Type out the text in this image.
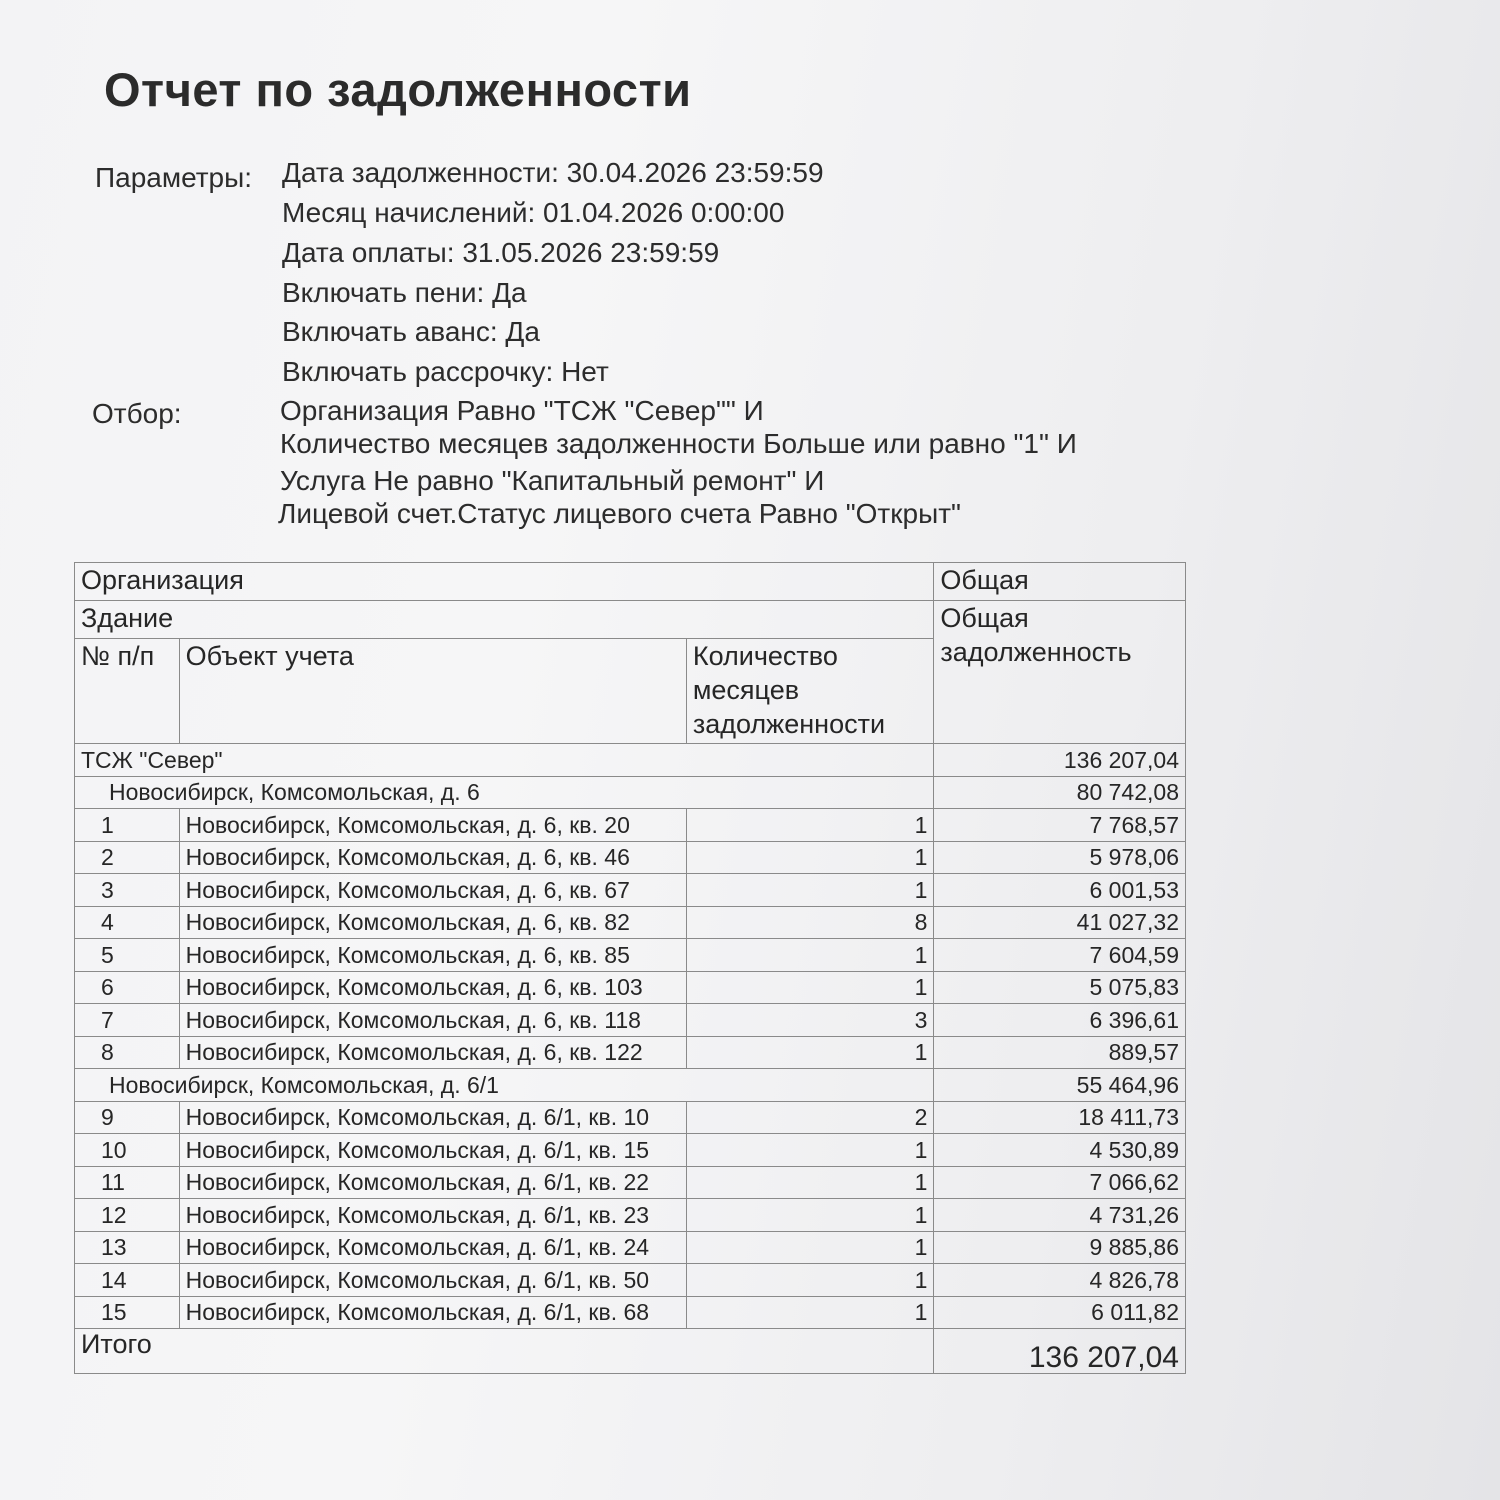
Отчет по задолженности
Параметры: Дата задолженности: 30.04.2026 23:59:59
Месяц начислений: 01.04.2026 0:00:00
Дата оплаты: 31.05.2026 23:59:59
Включать пени: Да
Включать аванс: Да
Включать рассрочку: Нет
Отбор:	Организация Равно "ТСЖ "Север"" И
Количество месяцев задолженности Больше или равно "1" И
Услуга Не равно "Капитальный ремонт" И
Лицевой счет.Статус лицевого счета Равно "Открыт"
Организация			Общая
Здание			Общая задолженность
№ п/п	Объект учета	Количество месяцев задолженности	
ТСЖ "Север"			136 207,04
Новосибирск, Комсомольская, д. 6			80 742,08
1	Новосибирск, Комсомольская, д. 6, кв. 20	1	7 768,57
2	Новосибирск, Комсомольская, д. 6, кв. 46	1	5 978,06
3	Новосибирск, Комсомольская, д. 6, кв. 67	1	6 001,53
4	Новосибирск, Комсомольская, д. 6, кв. 82	8	41 027,32
5	Новосибирск, Комсомольская, д. 6, кв. 85	1	7 604,59
6	Новосибирск, Комсомольская, д. 6, кв. 103	1	5 075,83
7	Новосибирск, Комсомольская, д. 6, кв. 118	3	6 396,61
8	Новосибирск, Комсомольская, д. 6, кв. 122	1	889,57
Новосибирск, Комсомольская, д. 6/1			55 464,96
9	Новосибирск, Комсомольская, д. 6/1, кв. 10	2	18 411,73
10	Новосибирск, Комсомольская, д. 6/1, кв. 15	1	4 530,89
11	Новосибирск, Комсомольская, д. 6/1, кв. 22	1	7 066,62
12	Новосибирск, Комсомольская, д. 6/1, кв. 23	1	4 731,26
13	Новосибирск, Комсомольская, д. 6/1, кв. 24	1	9 885,86
14	Новосибирск, Комсомольская, д. 6/1, кв. 50	1	4 826,78
15	Новосибирск, Комсомольская, д. 6/1, кв. 68	1	6 011,82
Итого			136 207,04
